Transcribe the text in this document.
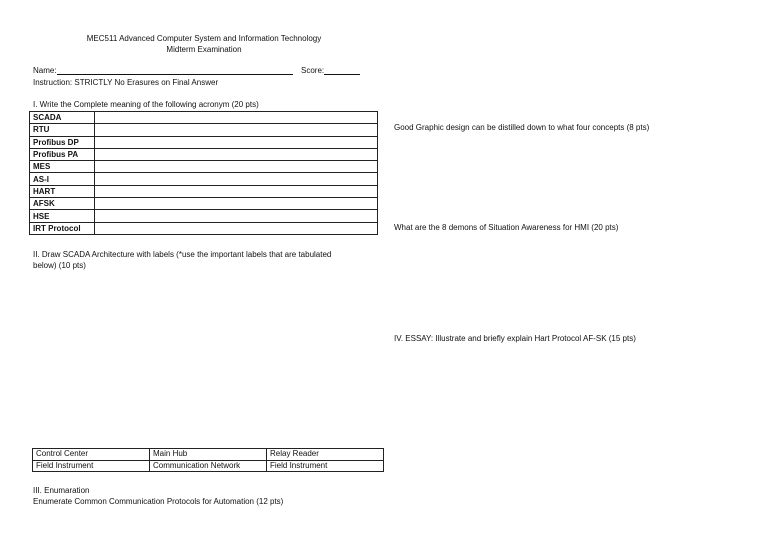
MEC511 Advanced Computer System and Information Technology
Midterm Examination
Name:	Score:
Instruction: STRICTLY No Erasures on Final Answer
I. Write the Complete meaning of the following acronym (20 pts)
SCADA	
RTU	
Profibus DP	
Profibus PA	
MES	
AS-I	
HART	
AFSK	
HSE	
IRT Protocol	
II. Draw SCADA Architecture with labels (*use the important labels that are tabulated
below) (10 pts)
Control Center	Main Hub	Relay Reader
Field Instrument	Communication Network	Field Instrument
III. Enumaration
Enumerate Common Communication Protocols for Automation (12 pts)
Good Graphic design can be distilled down to what four concepts (8 pts)
What are the 8 demons of Situation Awareness for HMI (20 pts)
IV. ESSAY: Illustrate and briefly explain Hart Protocol AF-SK (15 pts)
